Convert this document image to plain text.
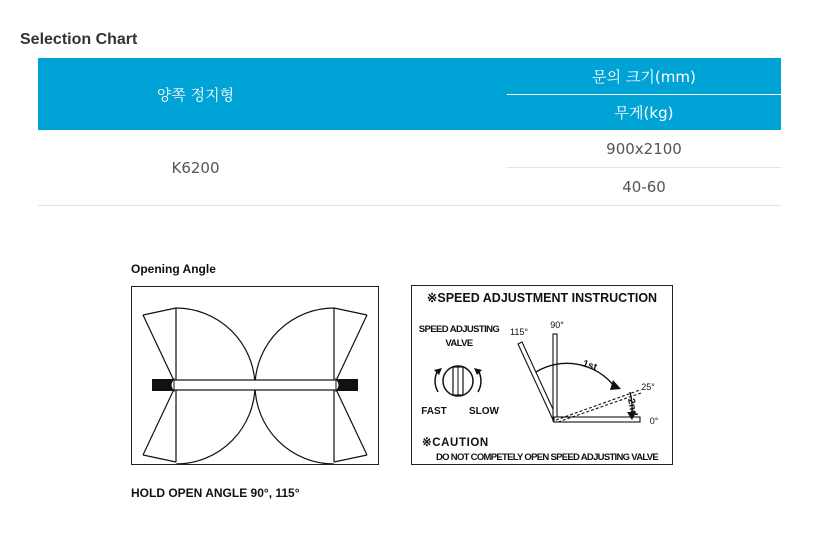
Selection Chart
양쪽 정지형
문의 크기(mm)
무게(kg)
K6200
900x2100
40-60
Opening Angle
※SPEED ADJUSTMENT INSTRUCTION
SPEED ADJUSTING
VALVE
FAST SLOW
115°
90°
25°
0°
1st
2nd
※CAUTION
DO NOT COMPETELY OPEN SPEED ADJUSTING VALVE
HOLD OPEN ANGLE 90°, 115°
